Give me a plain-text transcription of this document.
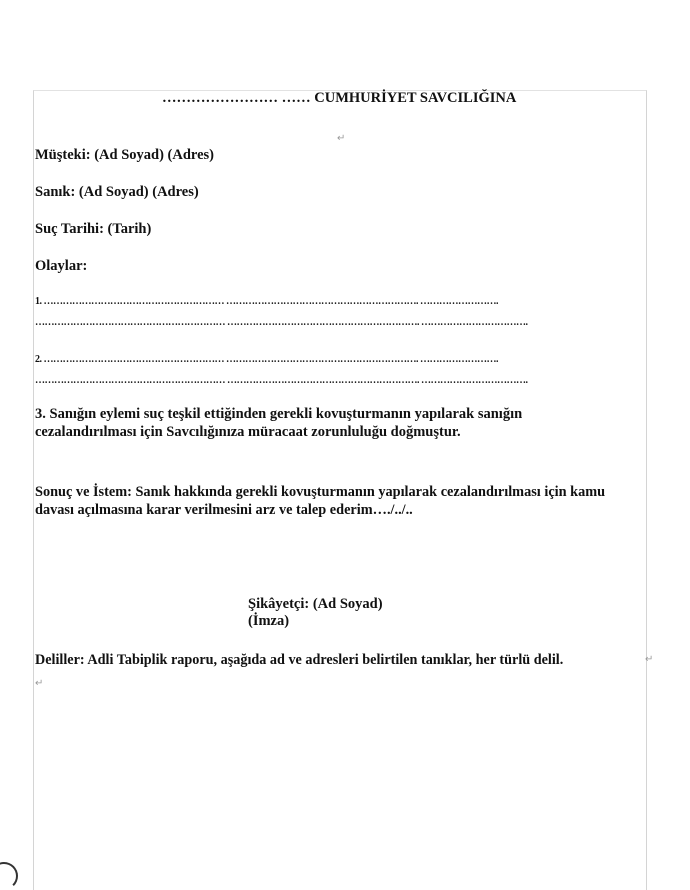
…………………… …… CUMHURİYET SAVCILIĞINA

↵

Müşteki: (Ad Soyad) (Adres)

Sanık: (Ad Soyad) (Adres)

Suç Tarihi: (Tarih)

Olaylar:

1. ………………………………………………… ……………………………………………………. …………………….
…………………………………………………… ……………………………………………………. …………………………….
2. ………………………………………………… ……………………………………………………. …………………….
…………………………………………………… ……………………………………………………. …………………………….

3. Sanığın eylemi suç teşkil ettiğinden gerekli kovuşturmanın yapılarak sanığın cezalandırılması için Savcılığınıza müracaat zorunluluğu doğmuştur.

Sonuç ve İstem: Sanık hakkında gerekli kovuşturmanın yapılarak cezalandırılması için kamu davası açılmasına karar verilmesini arz ve talep ederim…./../..

Şikâyetçi: (Ad Soyad)

(İmza)

Deliller: Adli Tabiplik raporu, aşağıda ad ve adresleri belirtilen tanıklar, her türlü delil.	↵
↵
